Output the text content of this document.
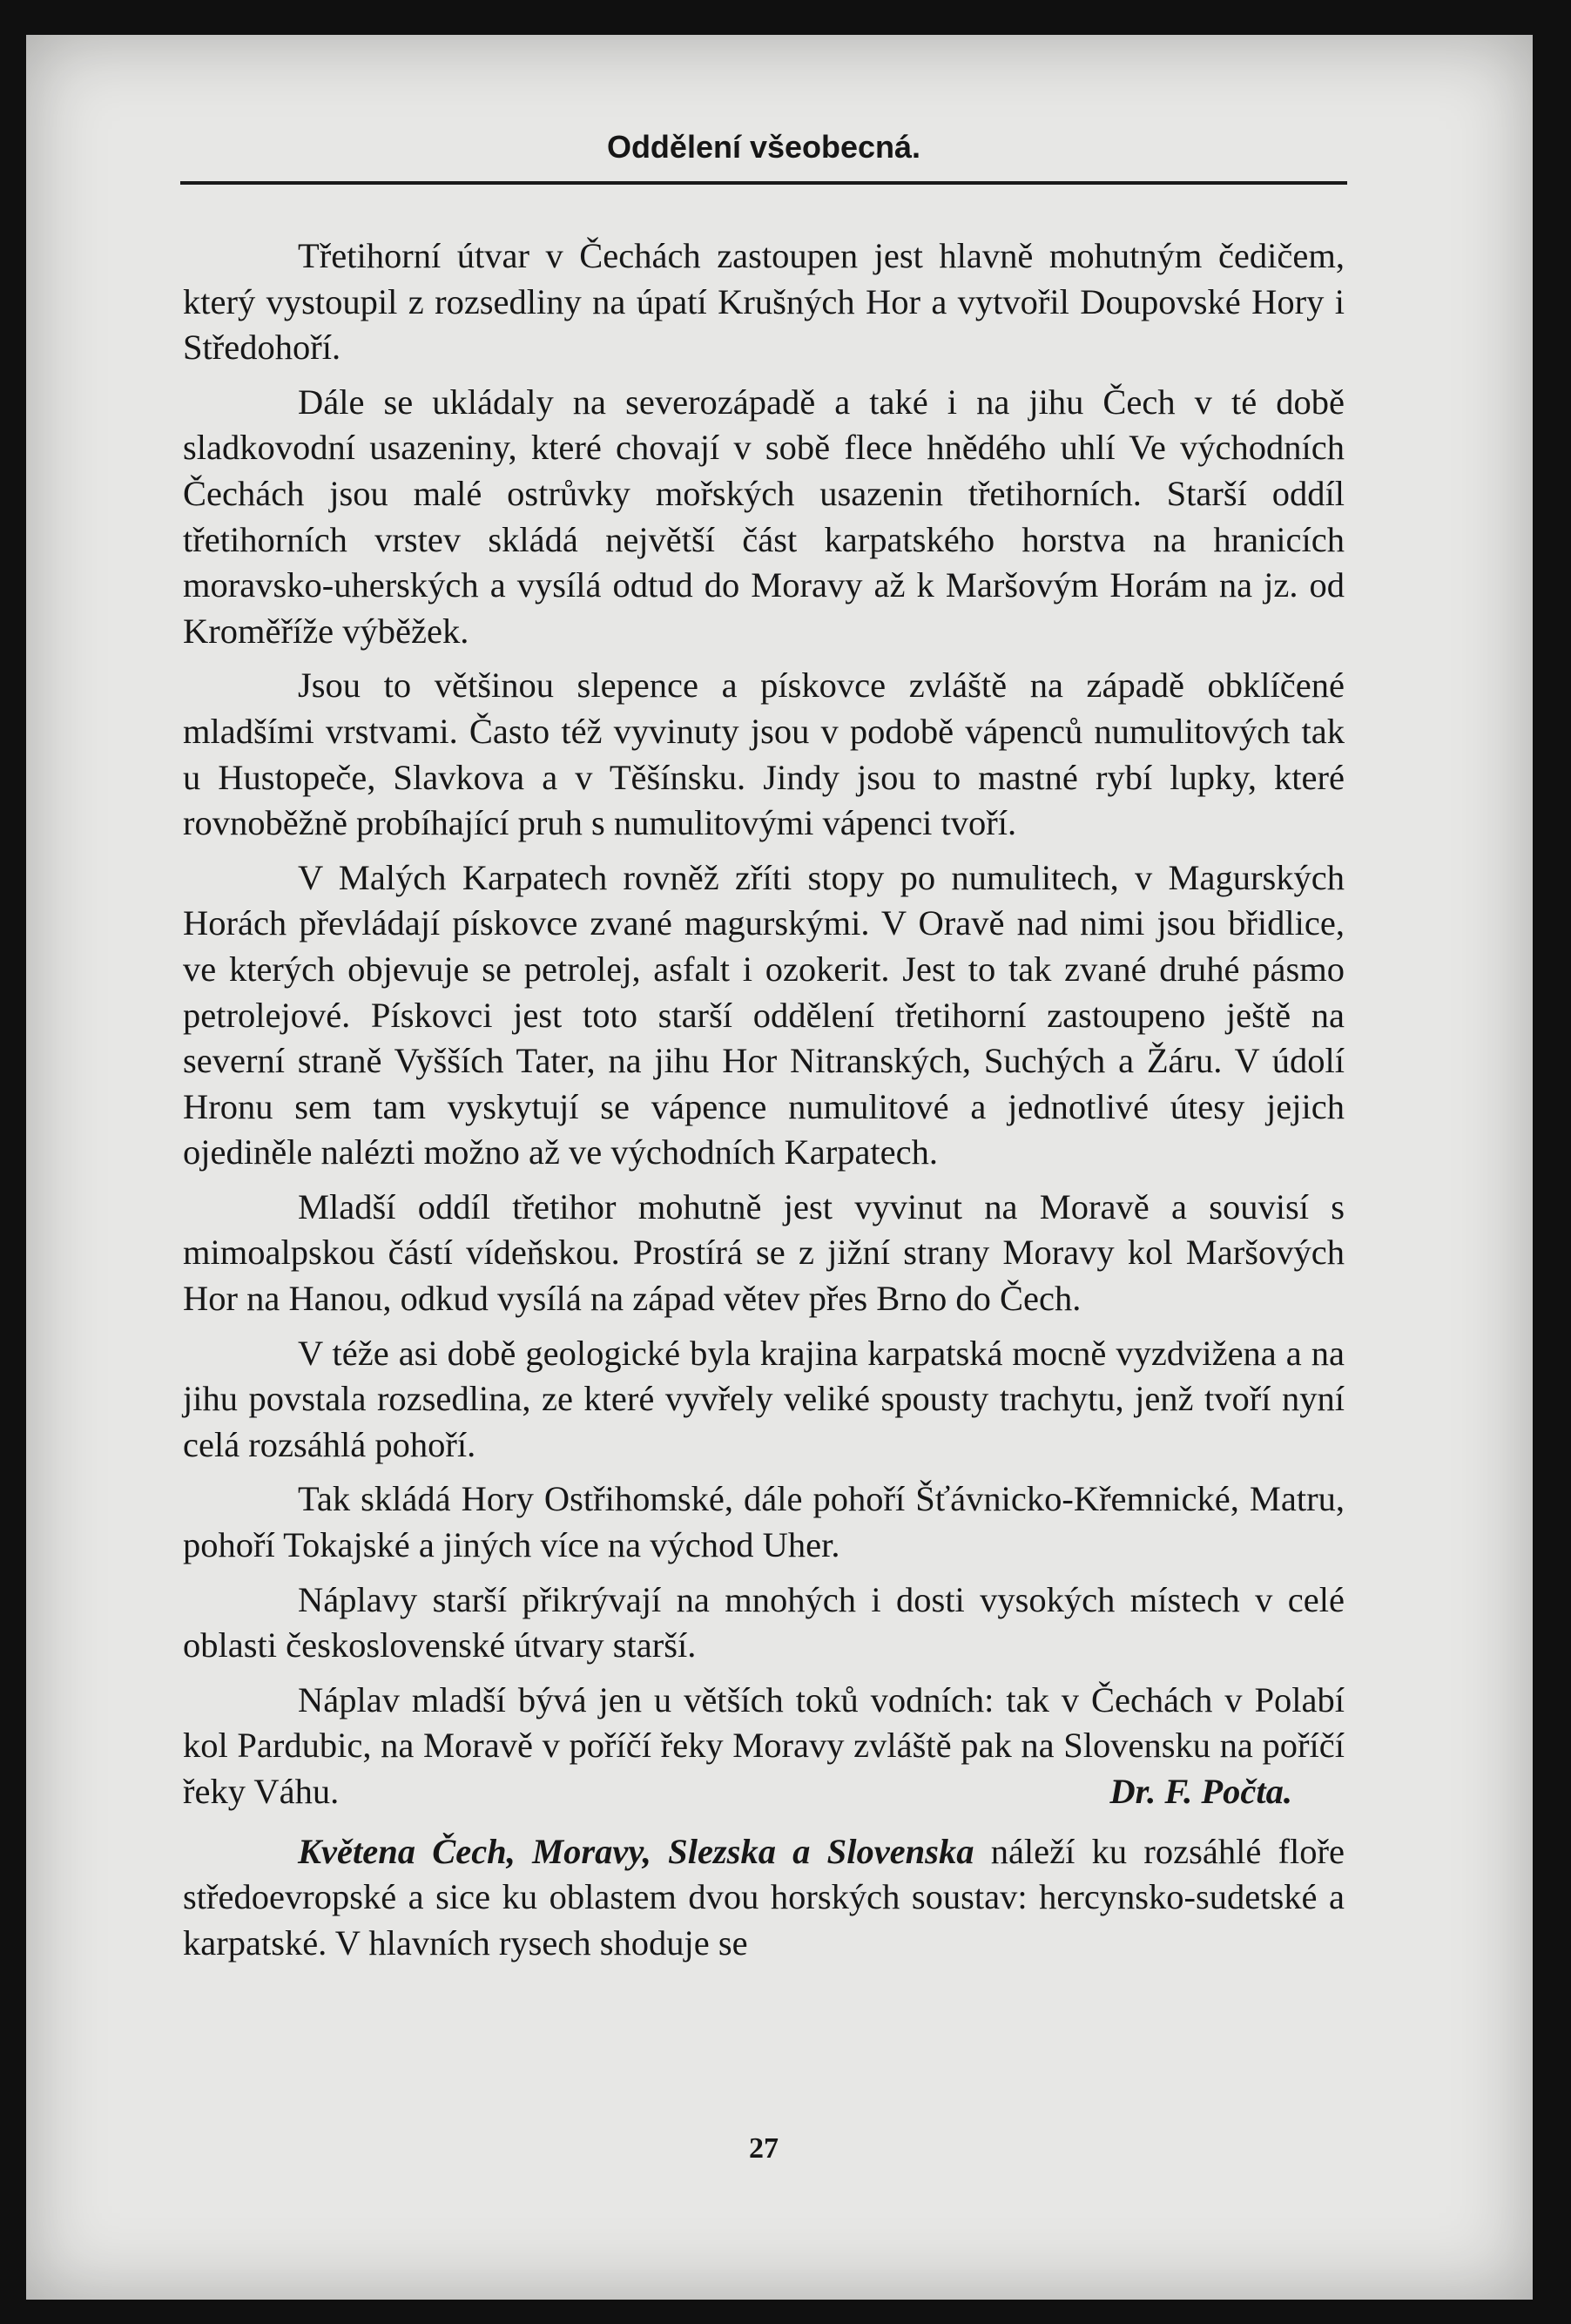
Oddělení všeobecná.

Třetihorní útvar v Čechách zastoupen jest hlavně mohutným čedičem, který vystoupil z rozsedliny na úpatí Krušných Hor a vytvořil Doupovské Hory i Středohoří.

Dále se ukládaly na severozápadě a také i na jihu Čech v té době sladkovodní usazeniny, které chovají v sobě flece hnědého uhlí Ve východních Čechách jsou malé ostrůvky mořských usazenin třetihorních. Starší oddíl třetihorních vrstev skládá největší část karpatského horstva na hranicích moravsko-uherských a vysílá odtud do Moravy až k Maršovým Horám na jz. od Kroměříže výběžek.

Jsou to většinou slepence a pískovce zvláště na západě obklíčené mladšími vrstvami. Často též vyvinuty jsou v podobě vápenců numulitových tak u Hustopeče, Slavkova a v Těšínsku. Jindy jsou to mastné rybí lupky, které rovnoběžně probíhající pruh s numulitovými vápenci tvoří.

V Malých Karpatech rovněž zříti stopy po numulitech, v Magurských Horách převládají pískovce zvané magurskými. V Oravě nad nimi jsou břidlice, ve kterých objevuje se petrolej, asfalt i ozokerit. Jest to tak zvané druhé pásmo petrolejové. Pískovci jest toto starší oddělení třetihorní zastoupeno ještě na severní straně Vyšších Tater, na jihu Hor Nitranských, Suchých a Žáru. V údolí Hronu sem tam vyskytují se vápence numulitové a jednotlivé útesy jejich ojediněle nalézti možno až ve východních Karpatech.

Mladší oddíl třetihor mohutně jest vyvinut na Moravě a souvisí s mimoalpskou částí vídeňskou. Prostírá se z jižní strany Moravy kol Maršových Hor na Hanou, odkud vysílá na západ větev přes Brno do Čech.

V téže asi době geologické byla krajina karpatská mocně vyzdvižena a na jihu povstala rozsedlina, ze které vyvřely veliké spousty trachytu, jenž tvoří nyní celá rozsáhlá pohoří.

Tak skládá Hory Ostřihomské, dále pohoří Šťávnicko-Křemnické, Matru, pohoří Tokajské a jiných více na východ Uher.

Náplavy starší přikrývají na mnohých i dosti vysokých místech v celé oblasti československé útvary starší.

Náplav mladší bývá jen u větších toků vodních: tak v Čechách v Polabí kol Pardubic, na Moravě v poříčí řeky Moravy zvláště pak na Slovensku na poříčí řeky Váhu.	Dr. F. Počta.

Květena Čech, Moravy, Slezska a Slovenska náleží ku rozsáhlé floře středoevropské a sice ku oblastem dvou horských soustav: hercynsko-sudetské a karpatské. V hlavních rysech shoduje se

27
